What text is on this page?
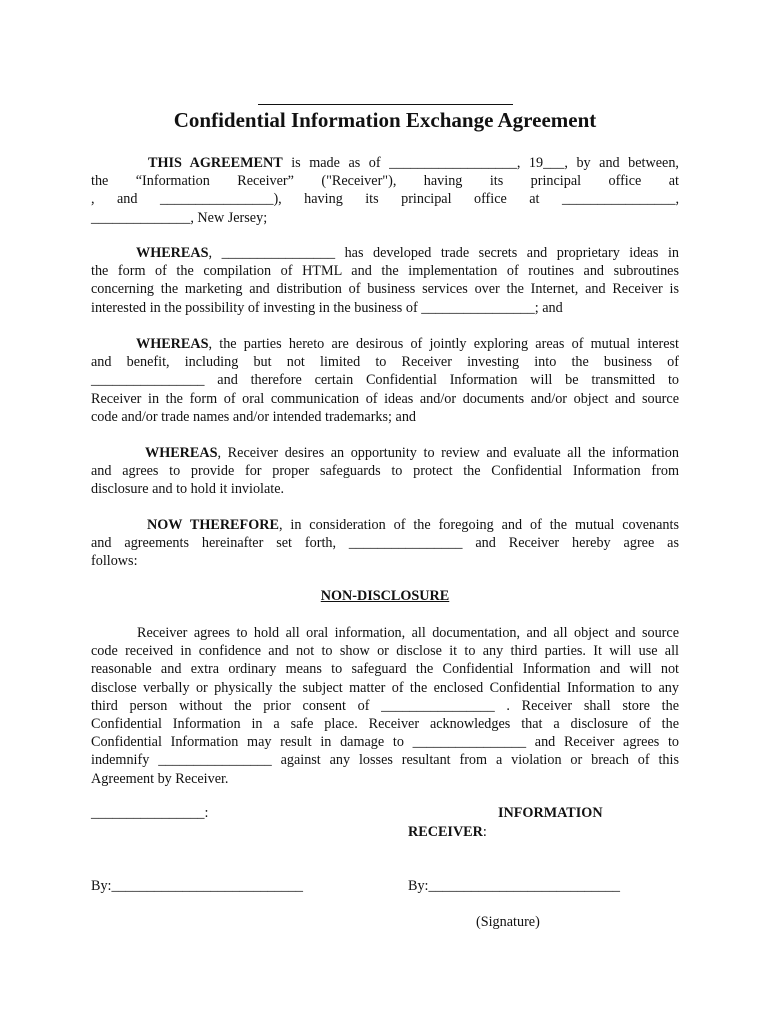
Confidential Information Exchange Agreement

THIS AGREEMENT is made as of __________________, 19___, by and between,
the “Information Receiver” ("Receiver"), having its principal office at
, and ________________), having its principal office at ________________,
______________, New Jersey;

WHEREAS, ________________ has developed trade secrets and proprietary ideas in
the form of the compilation of HTML and the implementation of routines and subroutines
concerning the marketing and distribution of business services over the Internet, and Receiver is
interested in the possibility of investing in the business of ________________; and

WHEREAS, the parties hereto are desirous of jointly exploring areas of mutual interest
and benefit, including but not limited to Receiver investing into the business of
________________ and therefore certain Confidential Information will be transmitted to
Receiver in the form of oral communication of ideas and/or documents and/or object and source
code and/or trade names and/or intended trademarks; and

WHEREAS, Receiver desires an opportunity to review and evaluate all the information
and agrees to provide for proper safeguards to protect the Confidential Information from
disclosure and to hold it inviolate.

NOW THEREFORE, in consideration of the foregoing and of the mutual covenants
and agreements hereinafter set forth, ________________ and Receiver hereby agree as
follows:

NON-DISCLOSURE

Receiver agrees to hold all oral information, all documentation, and all object and source
code received in confidence and not to show or disclose it to any third parties. It will use all
reasonable and extra ordinary means to safeguard the Confidential Information and will not
disclose verbally or physically the subject matter of the enclosed Confidential Information to any
third person without the prior consent of ________________ . Receiver shall store the
Confidential Information in a safe place. Receiver acknowledges that a disclosure of the
Confidential Information may result in damage to ________________ and Receiver agrees to
indemnify ________________ against any losses resultant from a violation or breach of this
Agreement by Receiver.

________________:	INFORMATION

RECEIVER:

By:___________________________	By:___________________________

(Signature)
